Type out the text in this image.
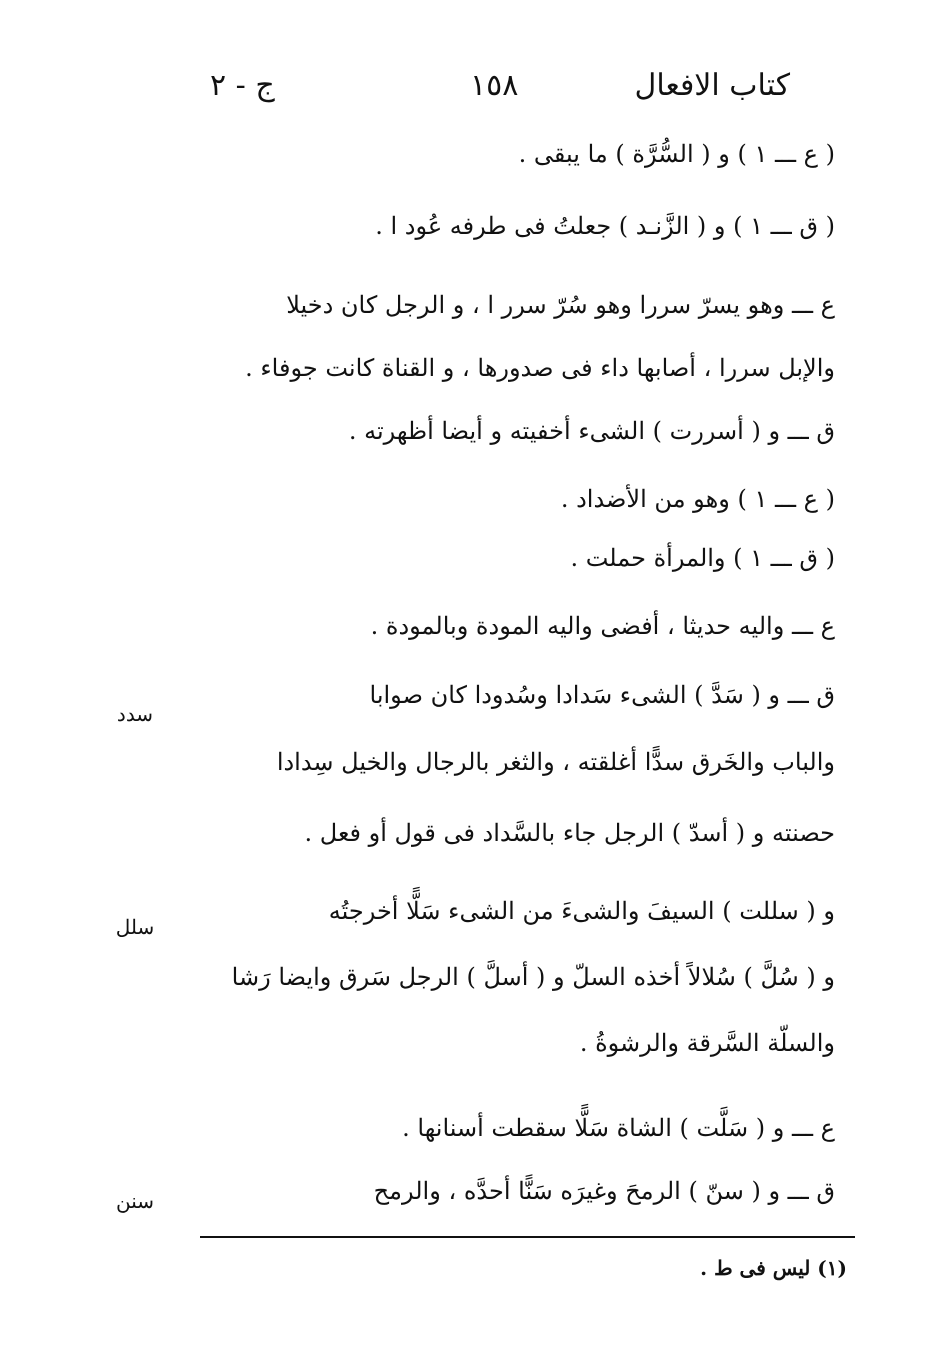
كتاب الافعال
١٥٨
ج - ٢
( ع ـــ ١ ) و ( السُّرَّة ) ما يبقى .
( ق ـــ ١ ) و ( الزَّنـد ) جعلتُ فى طرفه عُود ا .
ع ـــ وهو يسرّ سررا وهو سُرّ سرر ا ، و الرجل كان دخيلا
والإبل سررا ، أصابها داء فى صدورها ، و القناة كانت جوفاء .
ق ـــ و ( أسررت ) الشىء أخفيته و أيضا أظهرته .
( ع ـــ ١ ) وهو من الأضداد .
( ق ـــ ١ ) والمرأة حملت .
ع ـــ واليه حديثا ، أفضى واليه المودة وبالمودة .
ق ـــ و ( سَدَّ ) الشىء سَدادا وسُدودا كان صوابا
والباب والخَرق سدًّا أغلقته ، والثغر بالرجال والخيل سِدادا
حصنته و ( أسدّ ) الرجل جاء بالسَّداد فى قول أو فعل .
و ( سللت ) السيفَ والشىءَ من الشىء سَلًّا أخرجتُه
و ( سُلَّ ) سُلالاً أخذه السلّ و ( أسلَّ ) الرجل سَرق وايضا رَشا
والسلّة السَّرقة والرشوةُ .
ع ـــ و ( سَلَّت ) الشاة سَلًّا سقطت أسنانها .
ق ـــ و ( سنّ ) الرمحَ وغيرَه سَنًّا أحدَّه ، والرمح
سدد
سلل
سنن
(١) ليس فى ط .
